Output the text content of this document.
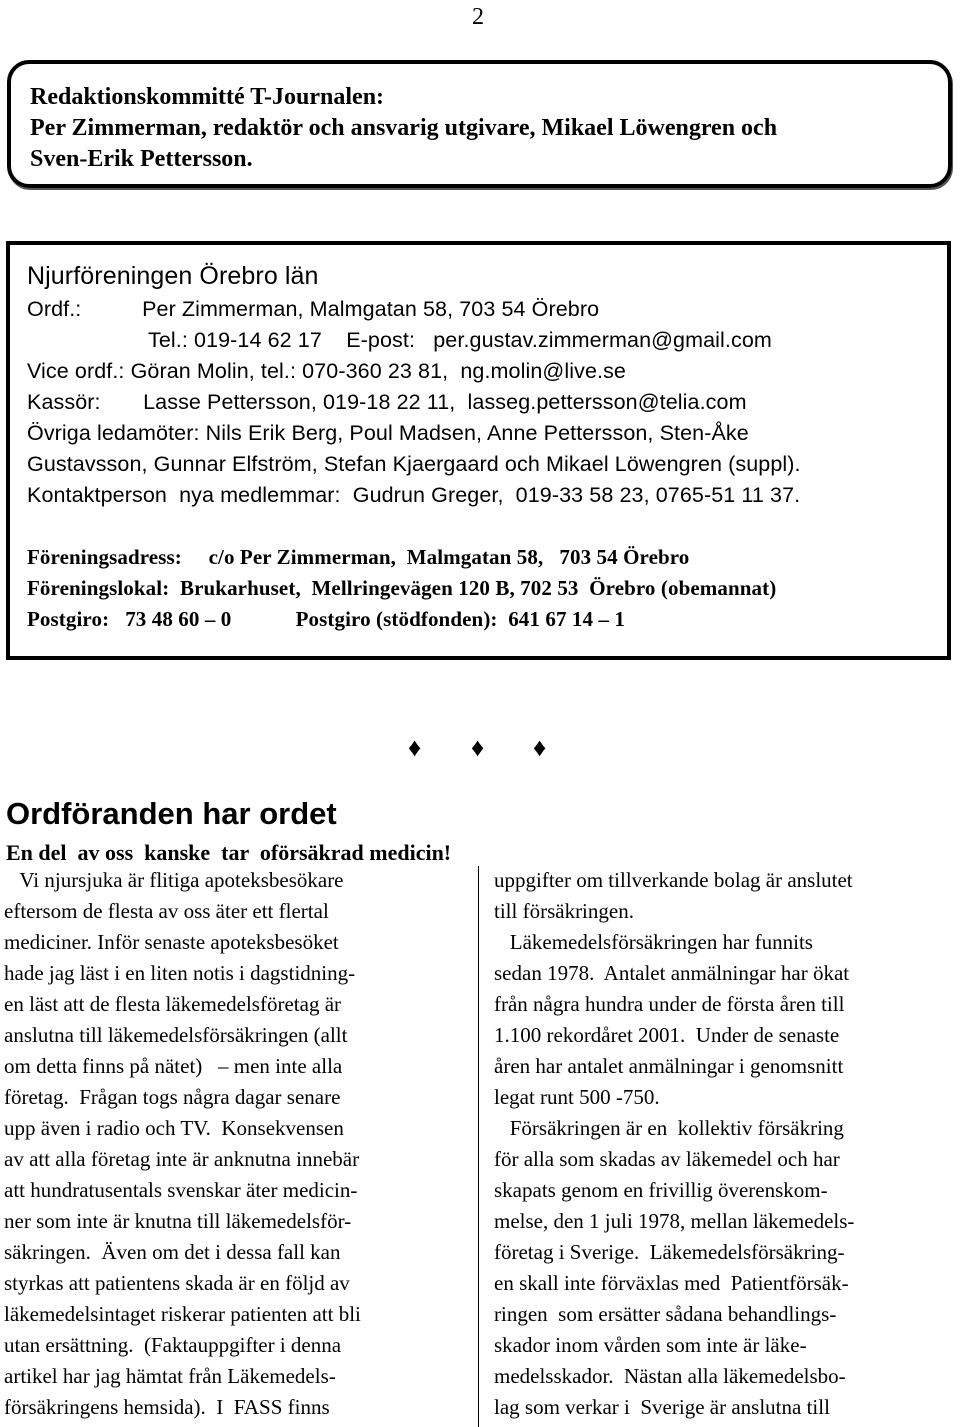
2
Redaktionskommitté T-Journalen:
Per Zimmerman, redaktör och ansvarig utgivare, Mikael Löwengren och
Sven-Erik Pettersson.
Njurföreningen Örebro län
Ordf.:          Per Zimmerman, Malmgatan 58, 703 54 Örebro
Tel.: 019-14 62 17    E-post:   per.gustav.zimmerman@gmail.com
Vice ordf.: Göran Molin, tel.: 070-360 23 81,  ng.molin@live.se
Kassör:       Lasse Pettersson, 019-18 22 11,  lasseg.pettersson@telia.com
Övriga ledamöter: Nils Erik Berg, Poul Madsen, Anne Pettersson, Sten-Åke
Gustavsson, Gunnar Elfström, Stefan Kjaergaard och Mikael Löwengren (suppl).
Kontaktperson  nya medlemmar:  Gudrun Greger,  019-33 58 23, 0765-51 11 37.
Föreningsadress:     c/o Per Zimmerman,  Malmgatan 58,   703 54 Örebro
Föreningslokal:  Brukarhuset,  Mellringevägen 120 B, 702 53  Örebro (obemannat)
Postgiro:   73 48 60 – 0            Postgiro (stödfonden):  641 67 14 – 1
♦ ♦ ♦
Ordföranden har ordet
En del  av oss  kanske  tar  oförsäkrad medicin!
Vi njursjuka är flitiga apoteksbesökare
eftersom de flesta av oss äter ett flertal
mediciner. Inför senaste apoteksbesöket
hade jag läst i en liten notis i dagstidning-
en läst att de flesta läkemedelsföretag är
anslutna till läkemedelsförsäkringen (allt
om detta finns på nätet)   – men inte alla
företag.  Frågan togs några dagar senare
upp även i radio och TV.  Konsekvensen
av att alla företag inte är anknutna innebär
att hundratusentals svenskar äter medicin-
ner som inte är knutna till läkemedelsför-
säkringen.  Även om det i dessa fall kan
styrkas att patientens skada är en följd av
läkemedelsintaget riskerar patienten att bli
utan ersättning.  (Faktauppgifter i denna
artikel har jag hämtat från Läkemedels-
försäkringens hemsida).  I  FASS finns
uppgifter om tillverkande bolag är anslutet
till försäkringen.
Läkemedelsförsäkringen har funnits
sedan 1978.  Antalet anmälningar har ökat
från några hundra under de första åren till
1.100 rekordåret 2001.  Under de senaste
åren har antalet anmälningar i genomsnitt
legat runt 500 -750.
Försäkringen är en  kollektiv försäkring
för alla som skadas av läkemedel och har
skapats genom en frivillig överenskom-
melse, den 1 juli 1978, mellan läkemedels-
företag i Sverige.  Läkemedelsförsäkring-
en skall inte förväxlas med  Patientförsäk-
ringen  som ersätter sådana behandlings-
skador inom vården som inte är läke-
medelsskador.  Nästan alla läkemedelsbo-
lag som verkar i  Sverige är anslutna till
